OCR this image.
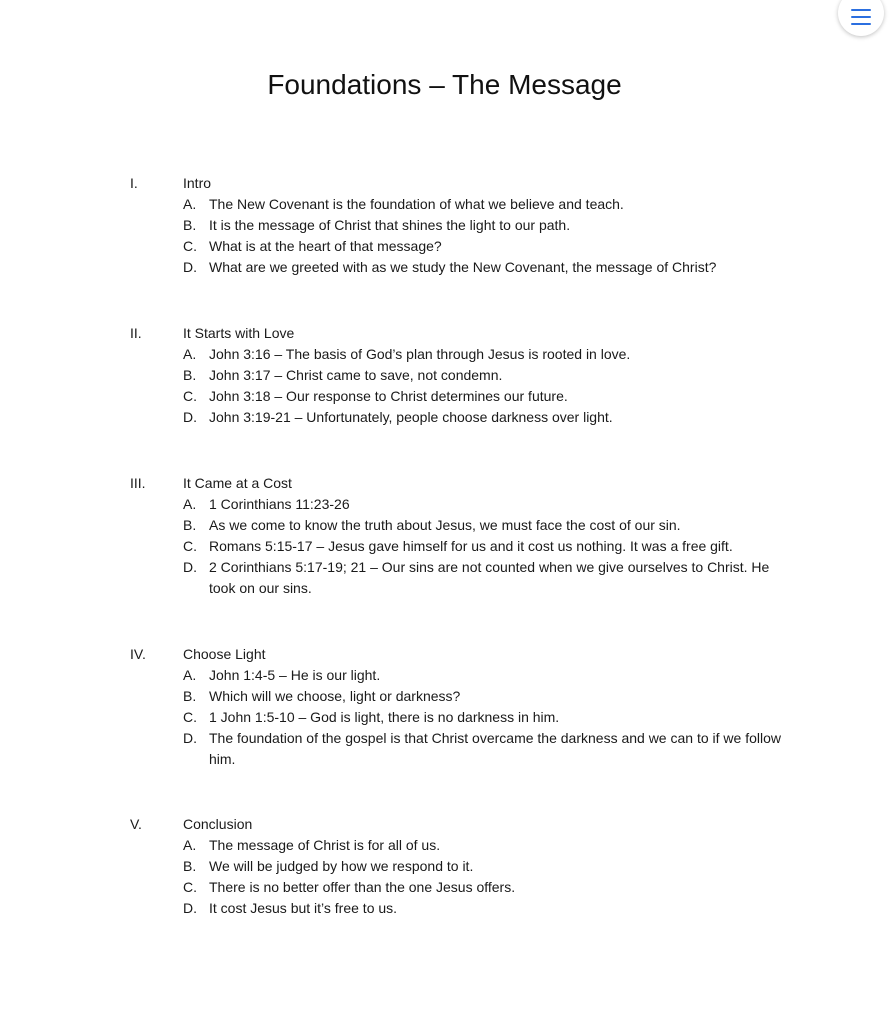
Foundations – The Message
I.	Intro
A. The New Covenant is the foundation of what we believe and teach.
B. It is the message of Christ that shines the light to our path.
C. What is at the heart of that message?
D. What are we greeted with as we study the New Covenant, the message of Christ?
II.	It Starts with Love
A. John 3:16 – The basis of God’s plan through Jesus is rooted in love.
B. John 3:17 – Christ came to save, not condemn.
C. John 3:18 – Our response to Christ determines our future.
D. John 3:19-21 – Unfortunately, people choose darkness over light.
III.	It Came at a Cost
A. 1 Corinthians 11:23-26
B. As we come to know the truth about Jesus, we must face the cost of our sin.
C. Romans 5:15-17 – Jesus gave himself for us and it cost us nothing. It was a free gift.
D. 2 Corinthians 5:17-19; 21 – Our sins are not counted when we give ourselves to Christ. He took on our sins.
IV.	Choose Light
A. John 1:4-5 – He is our light.
B. Which will we choose, light or darkness?
C. 1 John 1:5-10 – God is light, there is no darkness in him.
D. The foundation of the gospel is that Christ overcame the darkness and we can to if we follow him.
V.	Conclusion
A. The message of Christ is for all of us.
B. We will be judged by how we respond to it.
C. There is no better offer than the one Jesus offers.
D. It cost Jesus but it’s free to us.
